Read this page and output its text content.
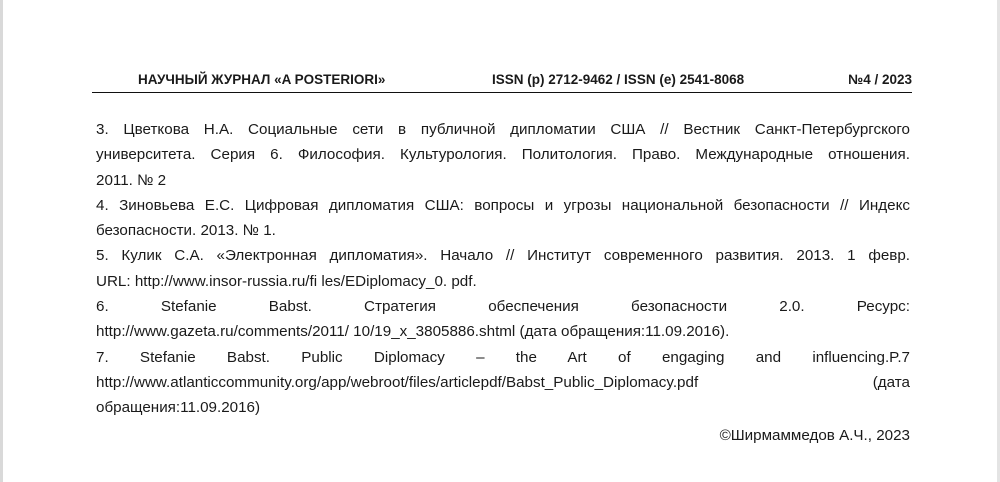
НАУЧНЫЙ ЖУРНАЛ «A POSTERIORI»	ISSN (p) 2712-9462 / ISSN (e) 2541-8068	№4 / 2023
3. Цветкова Н.А. Социальные сети в публичной дипломатии США // Вестник Санкт-Петербургского
университета. Серия 6. Философия. Культурология. Политология. Право. Международные отношения.
2011. № 2
4. Зиновьева Е.С. Цифровая дипломатия США: вопросы и угрозы национальной безопасности // Индекс
безопасности. 2013. № 1.
5. Кулик С.А. «Электронная дипломатия». Начало // Институт современного развития. 2013. 1 февр.
URL: http://www.insor-russia.ru/fi les/EDiplomacy_0. pdf.
6. Stefanie Babst. Стратегия обеспечения безопасности 2.0. Ресурс:
http://www.gazeta.ru/comments/2011/ 10/19_x_3805886.shtml (дата обращения:11.09.2016).
7. Stefanie Babst. Public Diplomacy – the Art of engaging and influencing.P.7
http://www.atlanticcommunity.org/app/webroot/files/articlepdf/Babst_Public_Diplomacy.pdf (дата
обращения:11.09.2016)
©Ширмаммедов А.Ч., 2023
